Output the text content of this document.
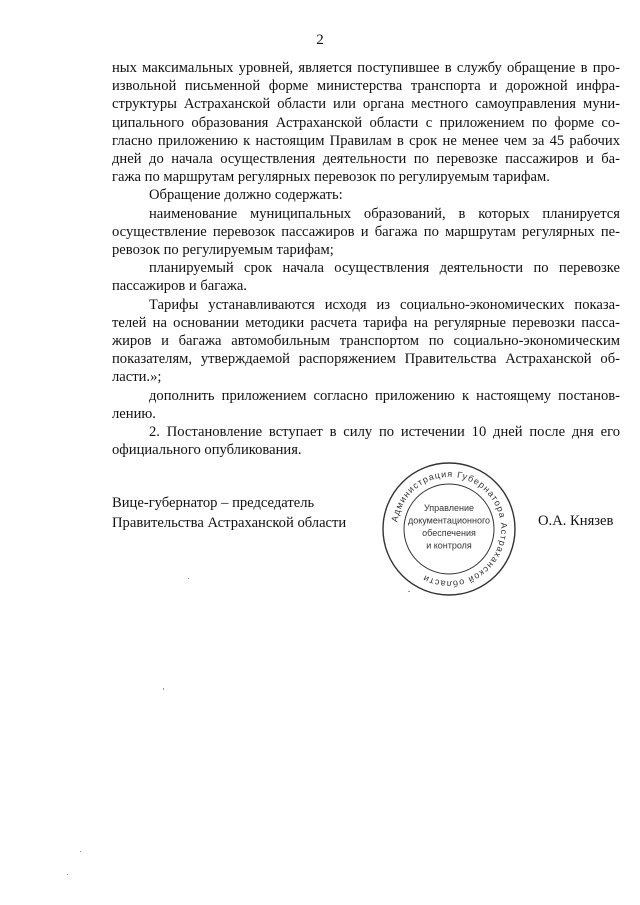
2
ных максимальных уровней, является поступившее в службу обращение в про-
извольной письменной форме министерства транспорта и дорожной инфра-
структуры Астраханской области или органа местного самоуправления муни-
ципального образования Астраханской области с приложением по форме со-
гласно приложению к настоящим Правилам в срок не менее чем за 45 рабочих
дней до начала осуществления деятельности по перевозке пассажиров и ба-
гажа по маршрутам регулярных перевозок по регулируемым тарифам.
Обращение должно содержать:
наименование муниципальных образований, в которых планируется
осуществление перевозок пассажиров и багажа по маршрутам регулярных пе-
ревозок по регулируемым тарифам;
планируемый срок начала осуществления деятельности по перевозке
пассажиров и багажа.
Тарифы устанавливаются исходя из социально-экономических показа-
телей на основании методики расчета тарифа на регулярные перевозки пасса-
жиров и багажа автомобильным транспортом по социально-экономическим
показателям, утверждаемой распоряжением Правительства Астраханской об-
ласти.»;
дополнить приложением согласно приложению к настоящему постанов-
лению.
2. Постановление вступает в силу по истечении 10 дней после дня его
официального опубликования.
Вице-губернатор – председатель
Правительства Астраханской области	О.А. Князев
Администрация Губернатора Астраханской области
Управление
документационного
обеспечения
и контроля
